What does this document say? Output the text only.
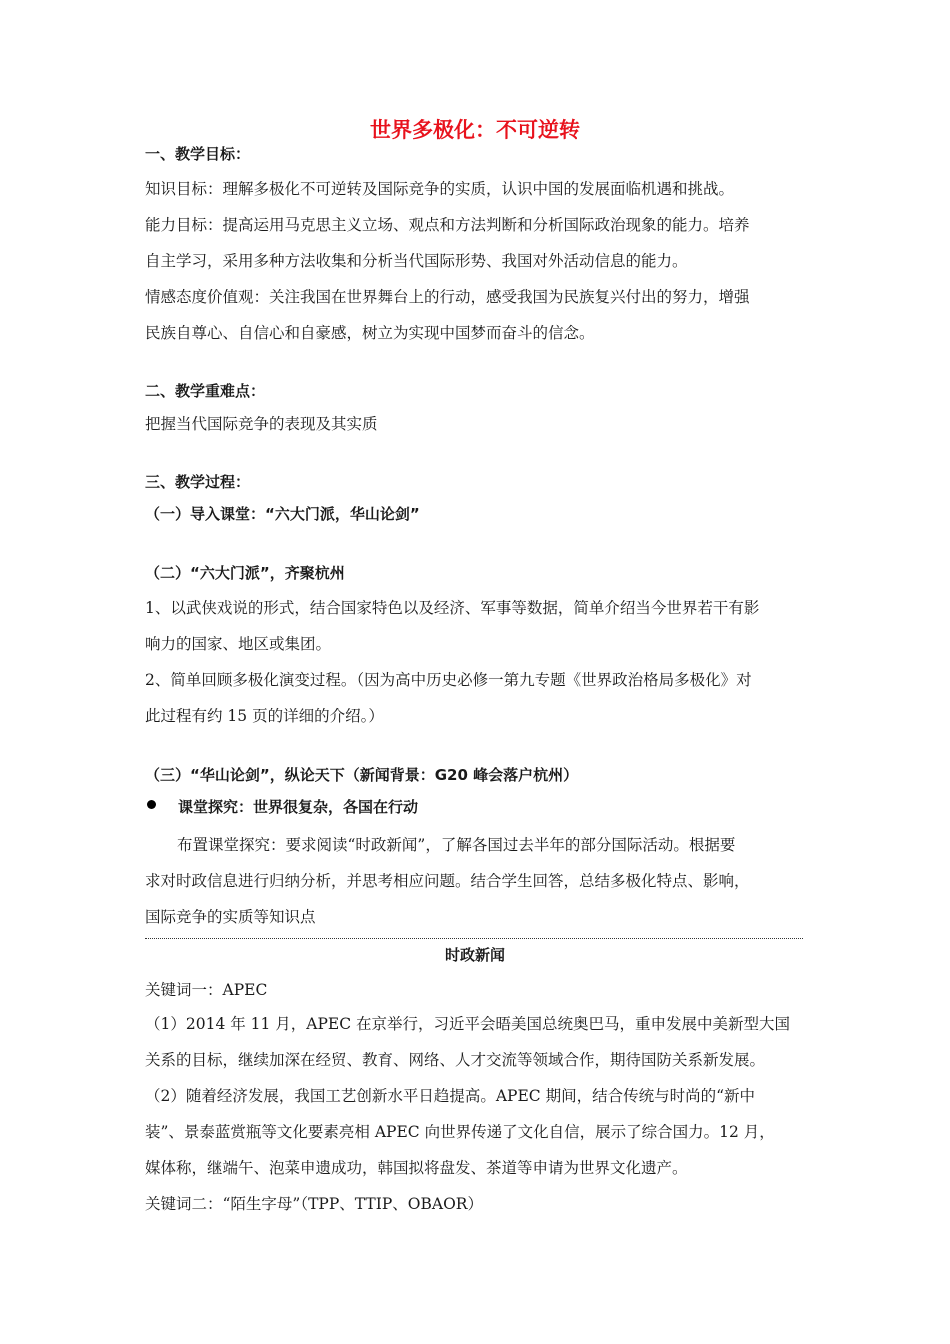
世界多极化：不可逆转
一、教学目标：
知识目标：理解多极化不可逆转及国际竞争的实质，认识中国的发展面临机遇和挑战。
能力目标：提高运用马克思主义立场、观点和方法判断和分析国际政治现象的能力。培养
自主学习，采用多种方法收集和分析当代国际形势、我国对外活动信息的能力。
情感态度价值观：关注我国在世界舞台上的行动，感受我国为民族复兴付出的努力，增强
民族自尊心、自信心和自豪感，树立为实现中国梦而奋斗的信念。
二、教学重难点：
把握当代国际竞争的表现及其实质
三、教学过程：
（一）导入课堂：“六大门派，华山论剑”
（二）“六大门派”，齐聚杭州
1、以武侠戏说的形式，结合国家特色以及经济、军事等数据，简单介绍当今世界若干有影
响力的国家、地区或集团。
2、简单回顾多极化演变过程。（因为高中历史必修一第九专题《世界政治格局多极化》对
此过程有约 15 页的详细的介绍。）
（三）“华山论剑”，纵论天下（新闻背景：G20 峰会落户杭州）
课堂探究：世界很复杂，各国在行动
布置课堂探究：要求阅读“时政新闻”，了解各国过去半年的部分国际活动。根据要
求对时政信息进行归纳分析，并思考相应问题。结合学生回答，总结多极化特点、影响，
国际竞争的实质等知识点
时政新闻
关键词一：APEC
（1）2014 年 11 月，APEC 在京举行，习近平会晤美国总统奥巴马，重申发展中美新型大国
关系的目标，继续加深在经贸、教育、网络、人才交流等领域合作，期待国防关系新发展。
（2）随着经济发展，我国工艺创新水平日趋提高。APEC 期间，结合传统与时尚的“新中
装”、景泰蓝赏瓶等文化要素亮相 APEC 向世界传递了文化自信，展示了综合国力。12 月，
媒体称，继端午、泡菜申遗成功，韩国拟将盘发、茶道等申请为世界文化遗产。
关键词二：“陌生字母”（TPP、TTIP、OBAOR）
